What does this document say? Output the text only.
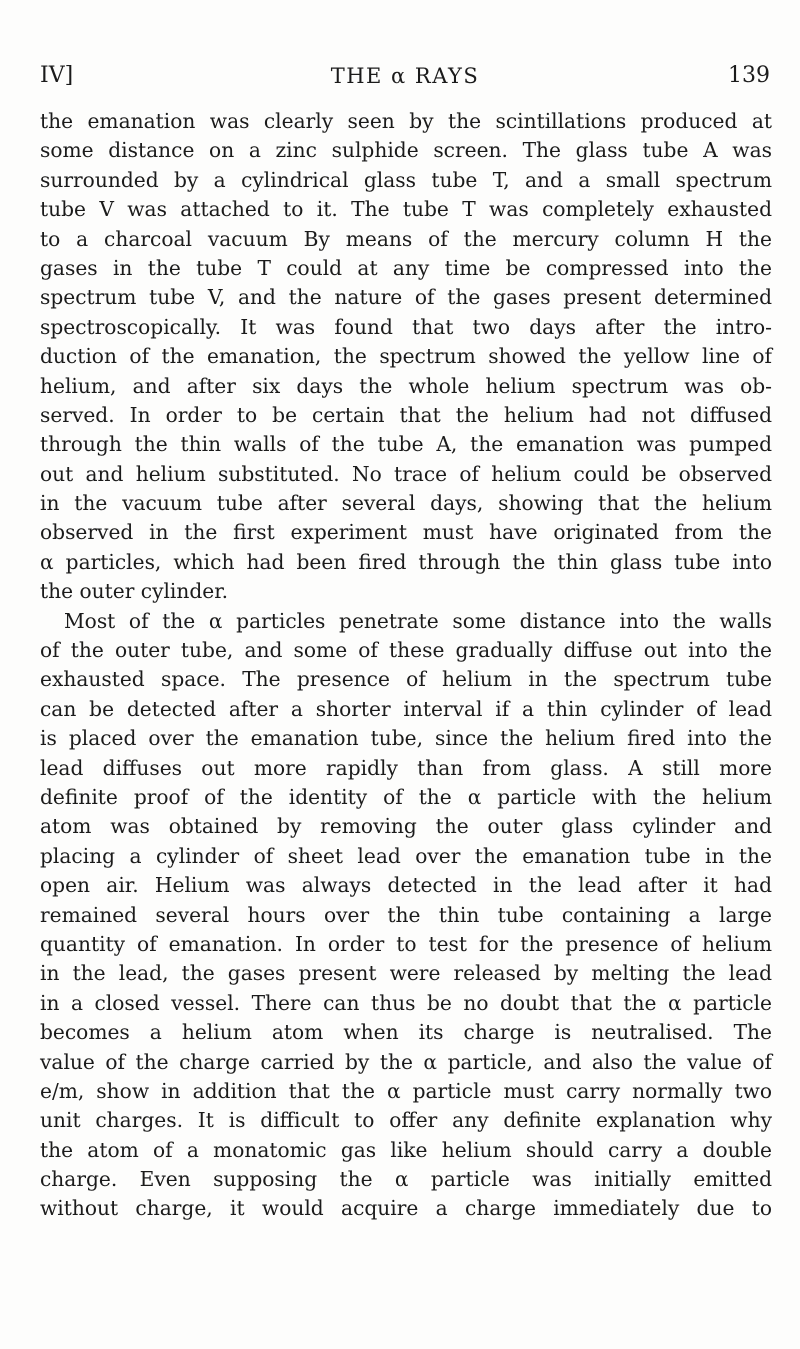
IV]	THE α RAYS	139
the emanation was clearly seen by the scintillations produced at
some distance on a zinc sulphide screen. The glass tube A was
surrounded by a cylindrical glass tube T, and a small spectrum
tube V was attached to it. The tube T was completely exhausted
to a charcoal vacuum By means of the mercury column H the
gases in the tube T could at any time be compressed into the
spectrum tube V, and the nature of the gases present determined
spectroscopically. It was found that two days after the intro-
duction of the emanation, the spectrum showed the yellow line of
helium, and after six days the whole helium spectrum was ob-
served. In order to be certain that the helium had not diffused
through the thin walls of the tube A, the emanation was pumped
out and helium substituted. No trace of helium could be observed
in the vacuum tube after several days, showing that the helium
observed in the first experiment must have originated from the
α particles, which had been fired through the thin glass tube into
the outer cylinder.
Most of the α particles penetrate some distance into the walls
of the outer tube, and some of these gradually diffuse out into the
exhausted space. The presence of helium in the spectrum tube
can be detected after a shorter interval if a thin cylinder of lead
is placed over the emanation tube, since the helium fired into the
lead diffuses out more rapidly than from glass. A still more
definite proof of the identity of the α particle with the helium
atom was obtained by removing the outer glass cylinder and
placing a cylinder of sheet lead over the emanation tube in the
open air. Helium was always detected in the lead after it had
remained several hours over the thin tube containing a large
quantity of emanation. In order to test for the presence of helium
in the lead, the gases present were released by melting the lead
in a closed vessel. There can thus be no doubt that the α particle
becomes a helium atom when its charge is neutralised. The
value of the charge carried by the α particle, and also the value of
e/m, show in addition that the α particle must carry normally two
unit charges. It is difficult to offer any definite explanation why
the atom of a monatomic gas like helium should carry a double
charge. Even supposing the α particle was initially emitted
without charge, it would acquire a charge immediately due to
